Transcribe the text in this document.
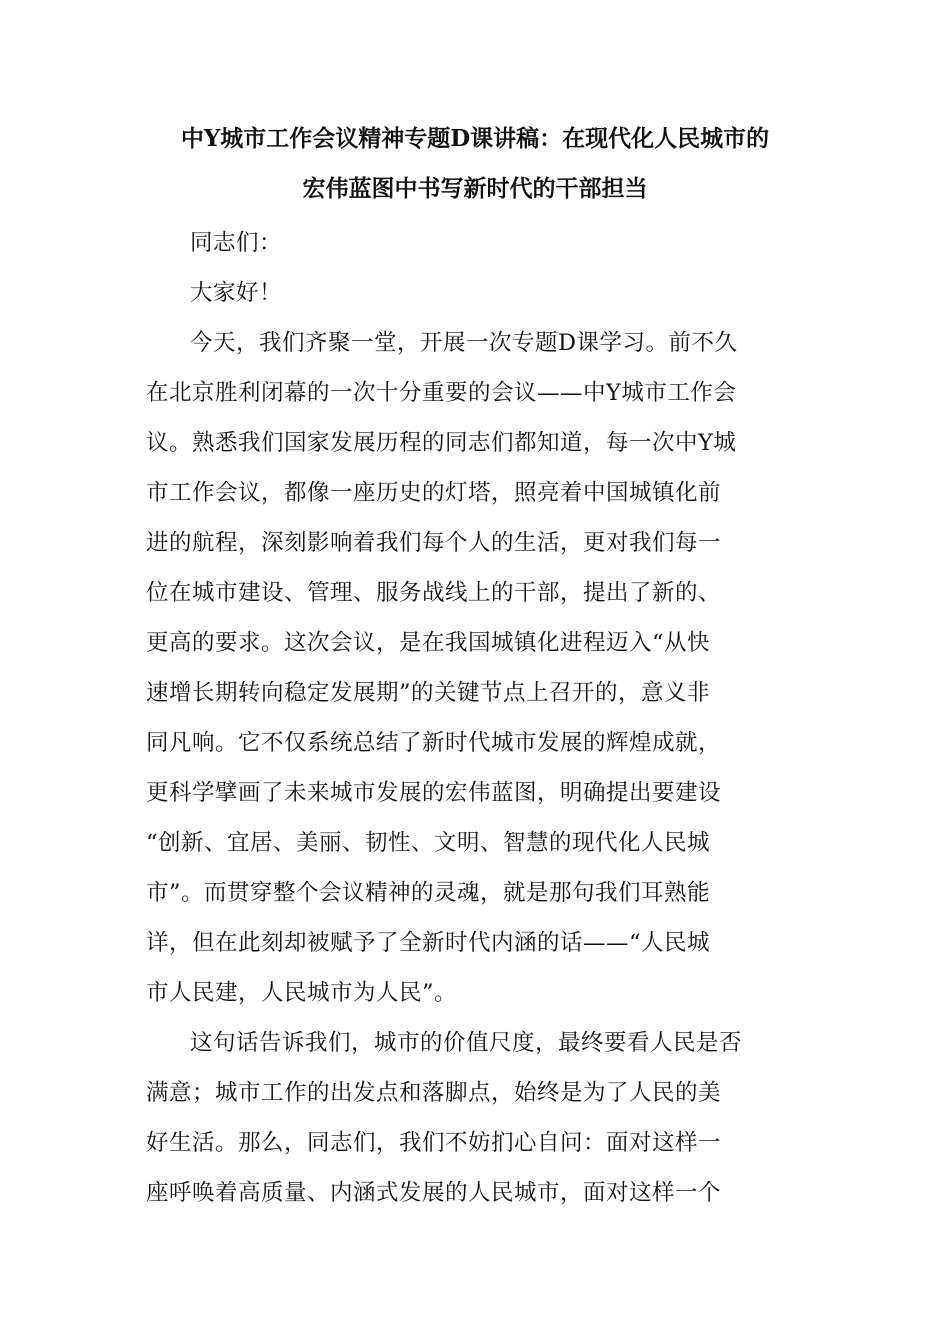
中Y城市工作会议精神专题D课讲稿：在现代化人民城市的
宏伟蓝图中书写新时代的干部担当
同志们：
大家好！
今天，我们齐聚一堂，开展一次专题D课学习。前不久
在北京胜利闭幕的一次十分重要的会议——中Y城市工作会
议。熟悉我们国家发展历程的同志们都知道，每一次中Y城
市工作会议，都像一座历史的灯塔，照亮着中国城镇化前
进的航程，深刻影响着我们每个人的生活，更对我们每一
位在城市建设、管理、服务战线上的干部，提出了新的、
更高的要求。这次会议，是在我国城镇化进程迈入“从快
速增长期转向稳定发展期”的关键节点上召开的，意义非
同凡响。它不仅系统总结了新时代城市发展的辉煌成就，
更科学擘画了未来城市发展的宏伟蓝图，明确提出要建设
“创新、宜居、美丽、韧性、文明、智慧的现代化人民城
市”。而贯穿整个会议精神的灵魂，就是那句我们耳熟能
详，但在此刻却被赋予了全新时代内涵的话——“人民城
市人民建，人民城市为人民”。
这句话告诉我们，城市的价值尺度，最终要看人民是否
满意；城市工作的出发点和落脚点，始终是为了人民的美
好生活。那么，同志们，我们不妨扪心自问：面对这样一
座呼唤着高质量、内涵式发展的人民城市，面对这样一个
